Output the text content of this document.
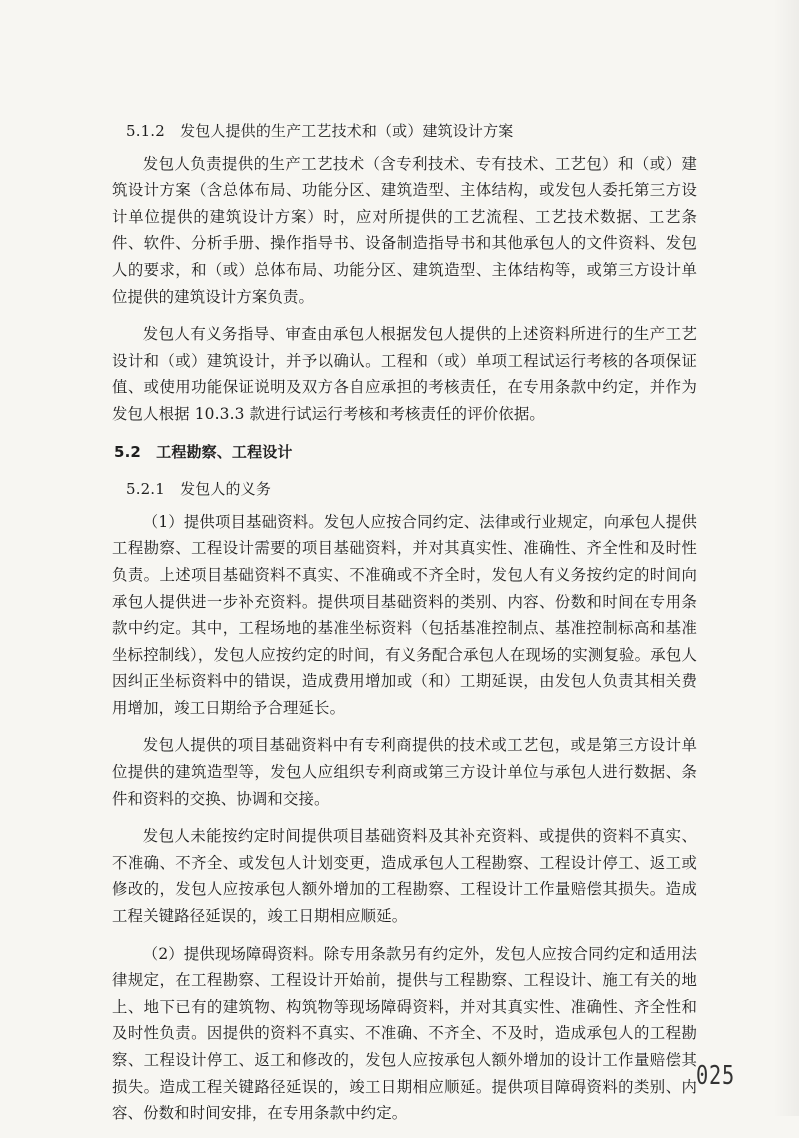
5.1.2　发包人提供的生产工艺技术和（或）建筑设计方案

发包人负责提供的生产工艺技术（含专利技术、专有技术、工艺包）和（或）建筑设计方案（含总体布局、功能分区、建筑造型、主体结构，或发包人委托第三方设计单位提供的建筑设计方案）时，应对所提供的工艺流程、工艺技术数据、工艺条件、软件、分析手册、操作指导书、设备制造指导书和其他承包人的文件资料、发包人的要求，和（或）总体布局、功能分区、建筑造型、主体结构等，或第三方设计单位提供的建筑设计方案负责。

发包人有义务指导、审查由承包人根据发包人提供的上述资料所进行的生产工艺设计和（或）建筑设计，并予以确认。工程和（或）单项工程试运行考核的各项保证值、或使用功能保证说明及双方各自应承担的考核责任，在专用条款中约定，并作为发包人根据 10.3.3 款进行试运行考核和考核责任的评价依据。

5.2　工程勘察、工程设计

5.2.1　发包人的义务

（1）提供项目基础资料。发包人应按合同约定、法律或行业规定，向承包人提供工程勘察、工程设计需要的项目基础资料，并对其真实性、准确性、齐全性和及时性负责。上述项目基础资料不真实、不准确或不齐全时，发包人有义务按约定的时间向承包人提供进一步补充资料。提供项目基础资料的类别、内容、份数和时间在专用条款中约定。其中，工程场地的基准坐标资料（包括基准控制点、基准控制标高和基准坐标控制线），发包人应按约定的时间，有义务配合承包人在现场的实测复验。承包人因纠正坐标资料中的错误，造成费用增加或（和）工期延误，由发包人负责其相关费用增加，竣工日期给予合理延长。

发包人提供的项目基础资料中有专利商提供的技术或工艺包，或是第三方设计单位提供的建筑造型等，发包人应组织专利商或第三方设计单位与承包人进行数据、条件和资料的交换、协调和交接。

发包人未能按约定时间提供项目基础资料及其补充资料、或提供的资料不真实、不准确、不齐全、或发包人计划变更，造成承包人工程勘察、工程设计停工、返工或修改的，发包人应按承包人额外增加的工程勘察、工程设计工作量赔偿其损失。造成工程关键路径延误的，竣工日期相应顺延。

（2）提供现场障碍资料。除专用条款另有约定外，发包人应按合同约定和适用法律规定，在工程勘察、工程设计开始前，提供与工程勘察、工程设计、施工有关的地上、地下已有的建筑物、构筑物等现场障碍资料，并对其真实性、准确性、齐全性和及时性负责。因提供的资料不真实、不准确、不齐全、不及时，造成承包人的工程勘察、工程设计停工、返工和修改的，发包人应按承包人额外增加的设计工作量赔偿其损失。造成工程关键路径延误的，竣工日期相应顺延。提供项目障碍资料的类别、内容、份数和时间安排，在专用条款中约定。

025
